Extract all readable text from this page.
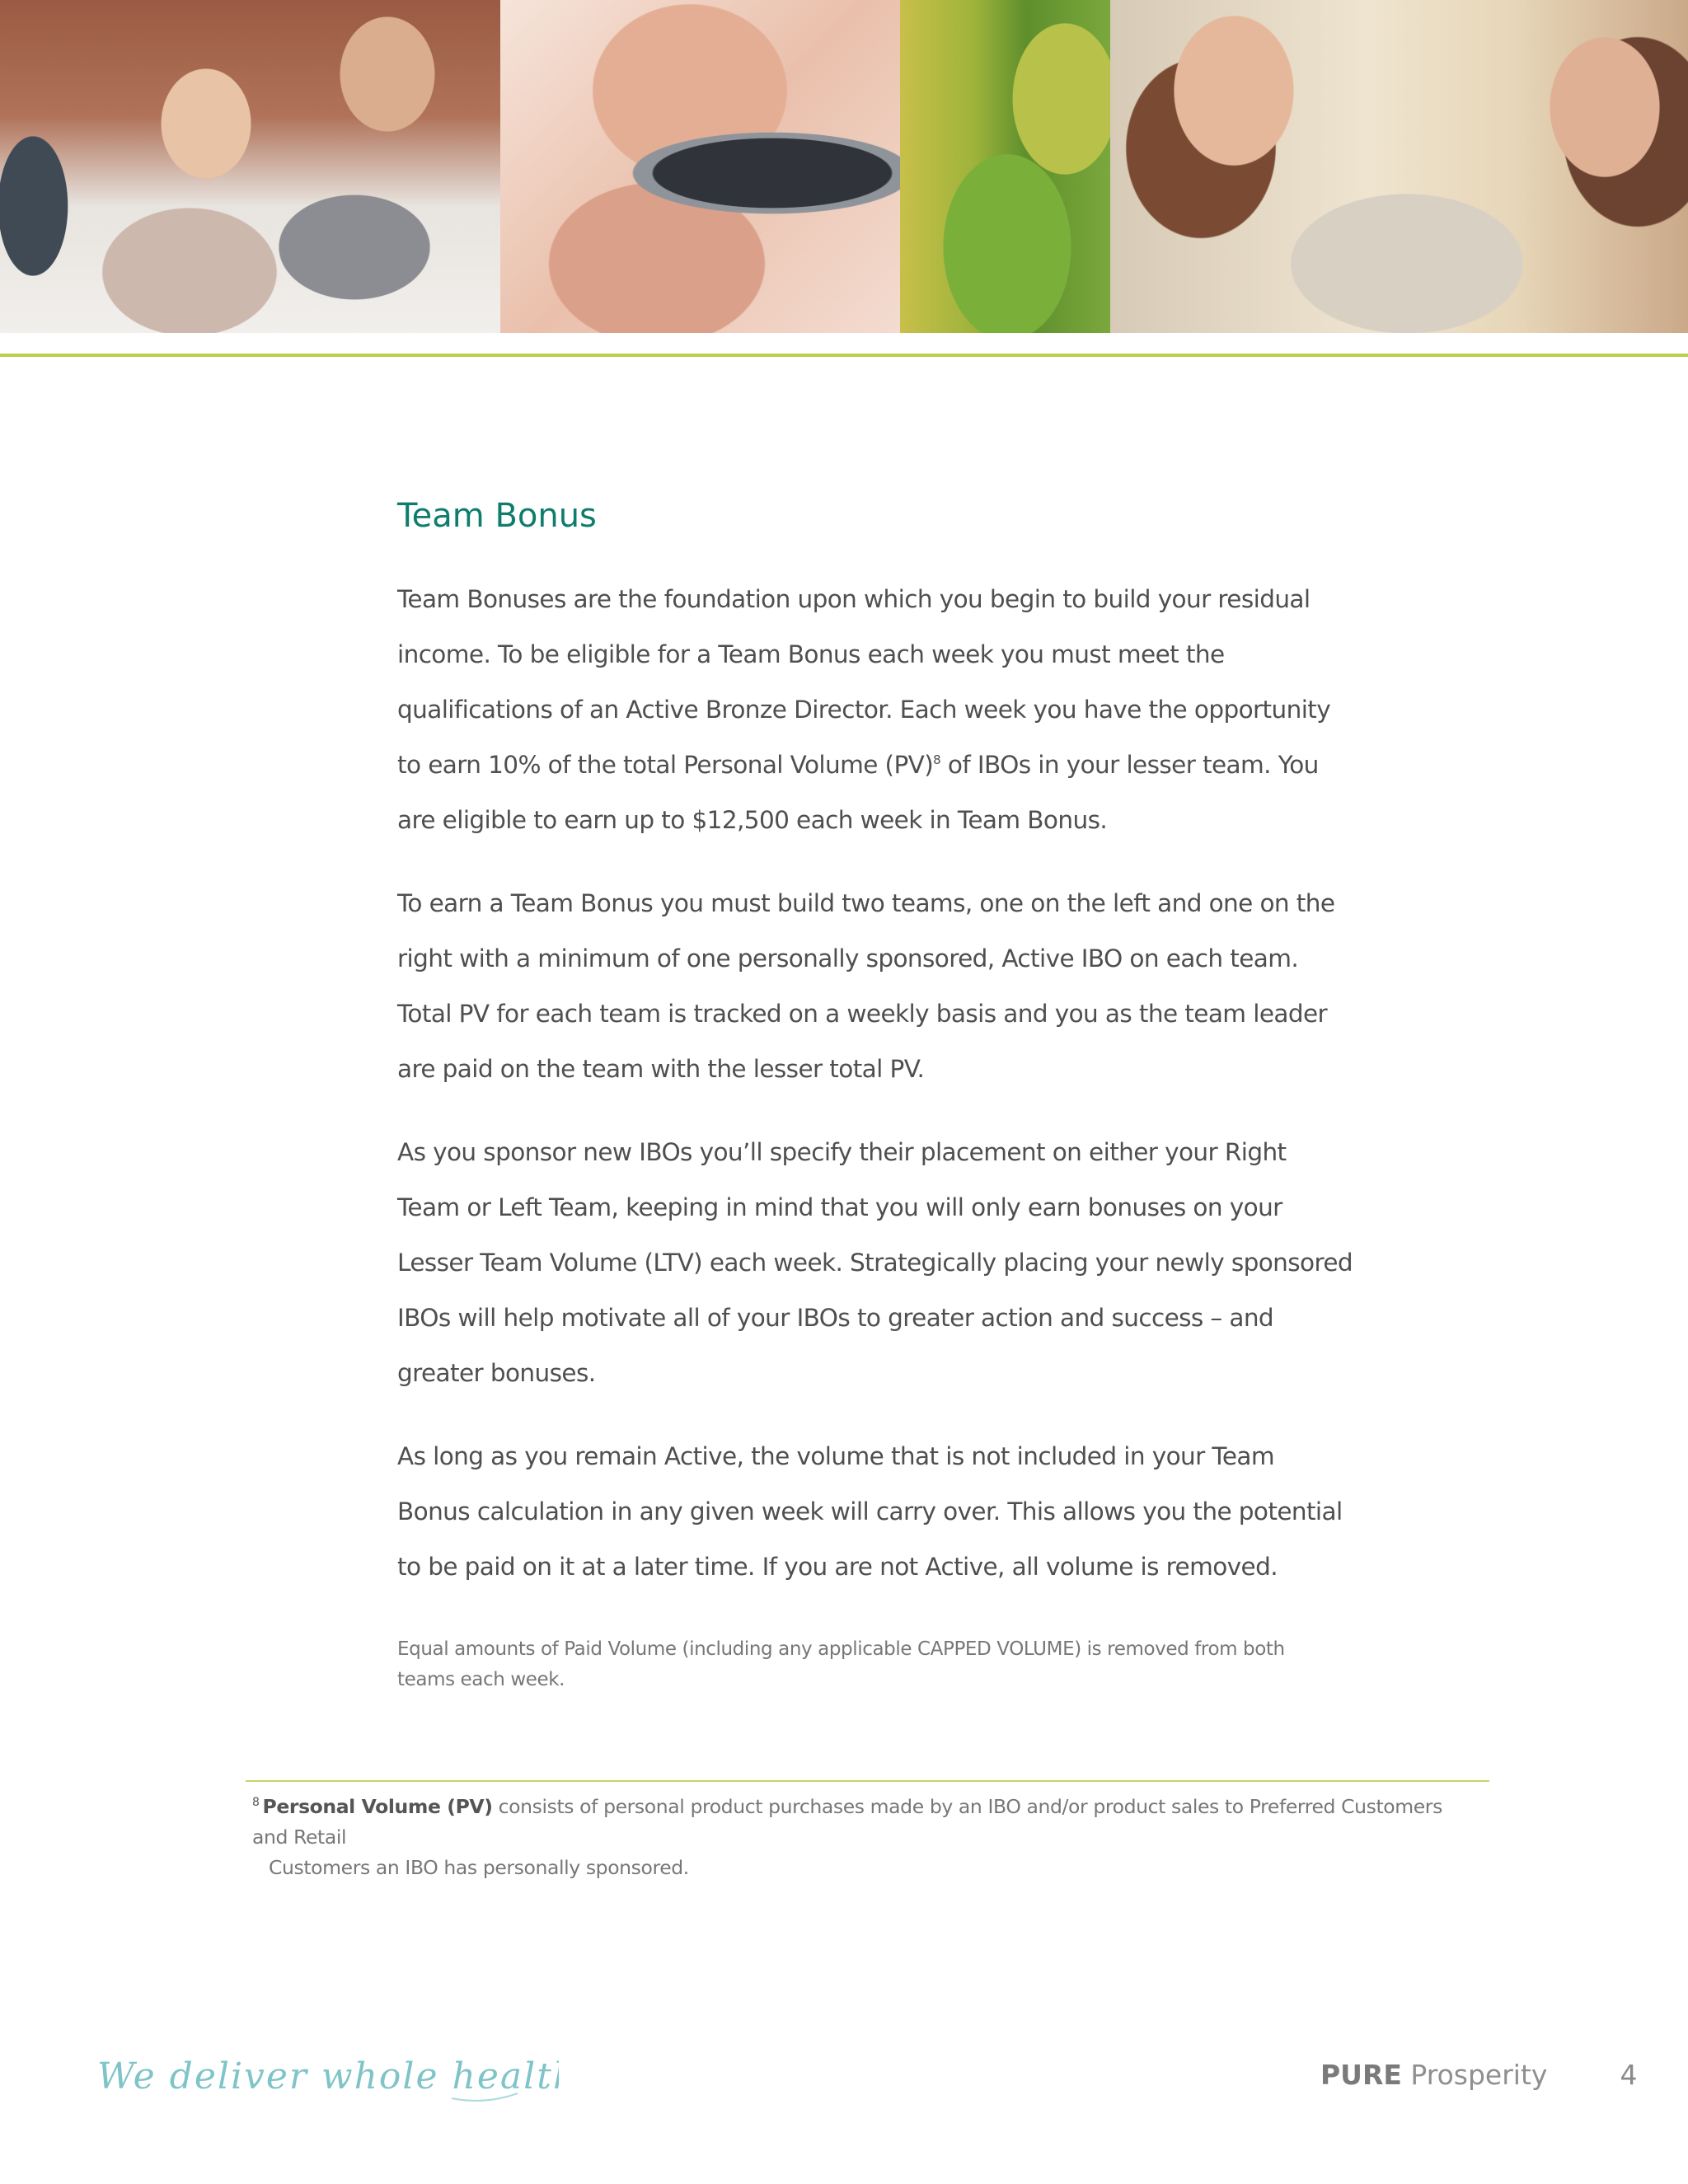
Team Bonus

Team Bonuses are the foundation upon which you begin to build your residual income. To be eligible for a Team Bonus each week you must meet the qualifications of an Active Bronze Director. Each week you have the opportunity to earn 10% of the total Personal Volume (PV)$^8$ of IBOs in your lesser team. You are eligible to earn up to $12,500 each week in Team Bonus.

To earn a Team Bonus you must build two teams, one on the left and one on the right with a minimum of one personally sponsored, Active IBO on each team. Total PV for each team is tracked on a weekly basis and you as the team leader are paid on the team with the lesser total PV.

As you sponsor new IBOs you’ll specify their placement on either your Right Team or Left Team, keeping in mind that you will only earn bonuses on your Lesser Team Volume (LTV) each week. Strategically placing your newly sponsored IBOs will help motivate all of your IBOs to greater action and success – and greater bonuses.

As long as you remain Active, the volume that is not included in your Team Bonus calculation in any given week will carry over. This allows you the potential to be paid on it at a later time. If you are not Active, all volume is removed.

Equal amounts of Paid Volume (including any applicable CAPPED VOLUME) is removed from both teams each week.

$^8$ Personal Volume (PV) consists of personal product purchases made by an IBO and/or product sales to Preferred Customers and Retail
Customers an IBO has personally sponsored.
We deliver whole health	PURE Prosperity	4
